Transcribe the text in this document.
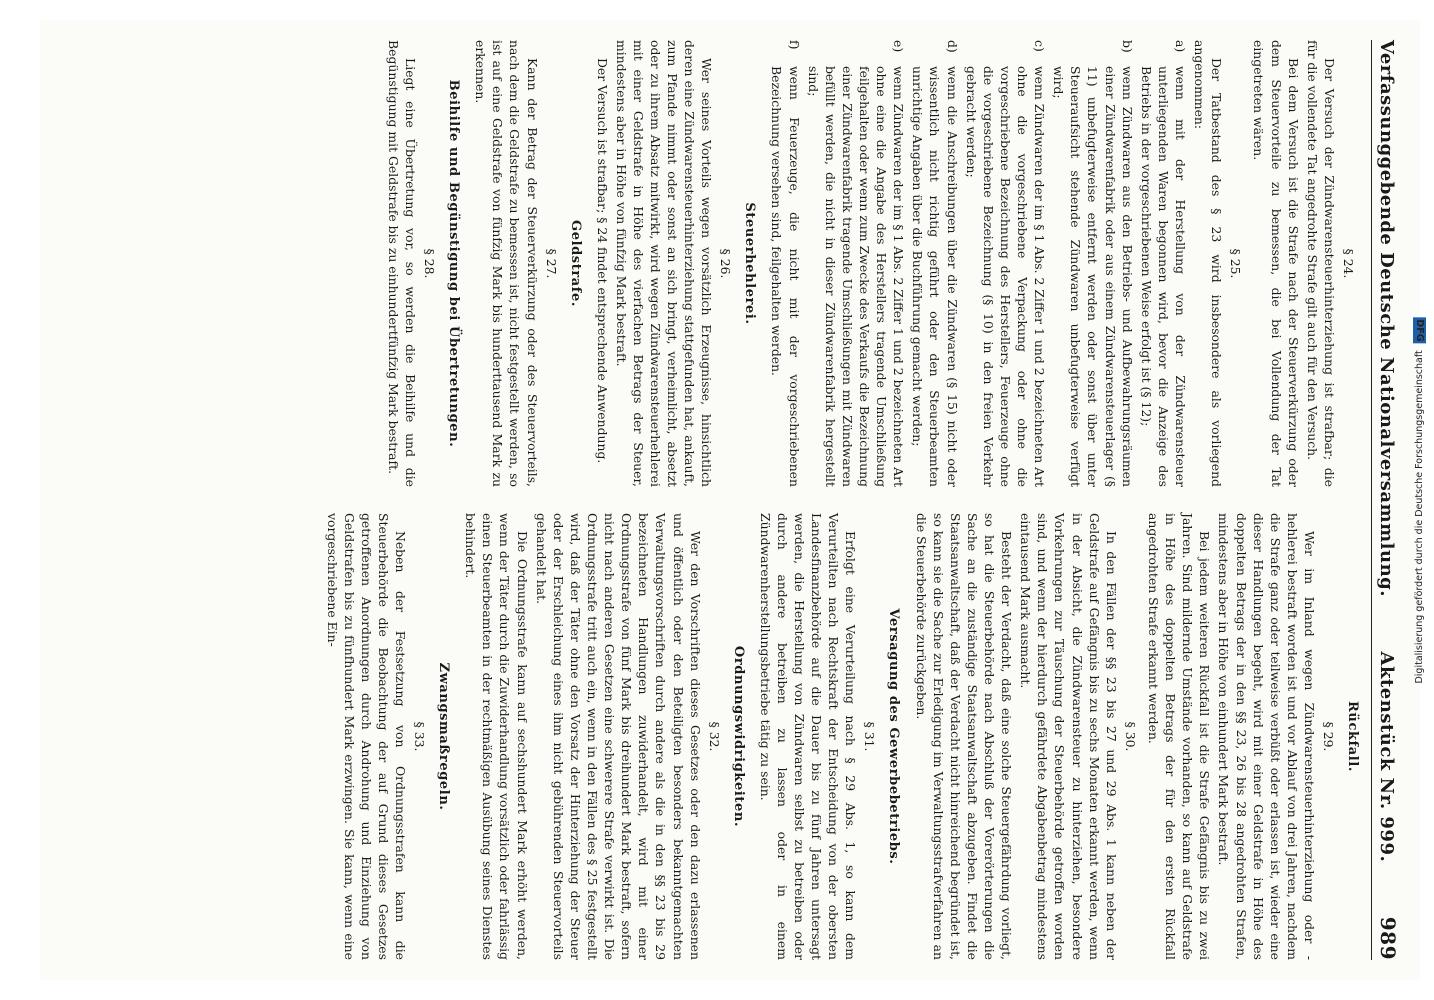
Verfassunggebende Deutsche Nationalversammlung.
Aktenstück Nr. 999.
989
§ 24.

Der Versuch der Zündwarensteuerhinterziehung ist strafbar; die für die vollendete Tat angedrohte Strafe gilt auch für den Versuch.

Bei dem Versuch ist die Strafe nach der Steuerverkürzung oder dem Steuervorteile zu bemessen, die bei Vollendung der Tat eingetreten wären.

§ 25.

Der Tatbestand des § 23 wird insbesondere als vorliegend angenommen:

a)
wenn mit der Herstellung von der Zündwarensteuer unterliegenden Waren begonnen wird, bevor die Anzeige des Betriebs in der vorgeschriebenen Weise erfolgt ist (§ 12);
b)
wenn Zündwaren aus den Betriebs- und Aufbewahrungsräumen einer Zündwarenfabrik oder aus einem Zündwarensteuerlager (§ 11) unbefugterweise entfernt werden oder sonst über unter Steueraufsicht stehende Zündwaren unbefugterweise verfügt wird;
c)
wenn Zündwaren der im § 1 Abs. 2 Ziffer 1 und 2 bezeichneten Art ohne die vorgeschriebene Verpackung oder ohne die vorgeschriebene Bezeichnung des Herstellers, Feuerzeuge ohne die vorgeschriebene Bezeichnung (§ 10) in den freien Verkehr gebracht werden;
d)
wenn die Anschreibungen über die Zündwaren (§ 15) nicht oder wissentlich nicht richtig geführt oder den Steuerbeamten unrichtige Angaben über die Buchführung gemacht werden;
e)
wenn Zündwaren der im § 1 Abs. 2 Ziffer 1 und 2 bezeichneten Art ohne eine die Angabe des Herstellers tragende Umschließung feilgehalten oder wenn zum Zwecke des Verkaufs die Bezeichnung einer Zündwarenfabrik tragende Umschließungen mit Zündwaren befüllt werden, die nicht in dieser Zündwarenfabrik hergestellt sind;
f)
wenn Feuerzeuge, die nicht mit der vorgeschriebenen Bezeichnung versehen sind, feilgehalten werden.
Steuerhehlerei.
§ 26.

Wer seines Vorteils wegen vorsätzlich Erzeugnisse, hinsichtlich deren eine Zündwarensteuerhinterziehung stattgefunden hat, ankauft, zum Pfande nimmt oder sonst an sich bringt, verheimlicht, absetzt oder zu ihrem Absatz mitwirkt, wird wegen Zündwarensteuerhehlerei mit einer Geldstrafe in Höhe des vierfachen Betrags der Steuer, mindestens aber in Höhe von fünfzig Mark bestraft.

Der Versuch ist strafbar; § 24 findet entsprechende Anwendung.

Geldstrafe.
§ 27.

Kann der Betrag der Steuerverkürzung oder des Steuervorteils, nach dem die Geldstrafe zu bemessen ist, nicht festgestellt werden, so ist auf eine Geldstrafe von fünfzig Mark bis hunderttausend Mark zu erkennen.

Beihilfe und Begünstigung bei Übertretungen.
§ 28.

Liegt eine Übertretung vor, so werden die Beihilfe und die Begünstigung mit Geldstrafe bis zu einhundertfünfzig Mark bestraft.

Rückfall.
§ 29.

Wer im Inland wegen Zündwarensteuerhinterziehung oder -hehlerei bestraft worden ist und vor Ablauf von drei Jahren, nachdem die Strafe ganz oder teilweise verbüßt oder erlassen ist, wieder eine dieser Handlungen begeht, wird mit einer Geldstrafe in Höhe des doppelten Betrags der in den §§ 23, 26 bis 28 angedrohten Strafen, mindestens aber in Höhe von einhundert Mark bestraft.

Bei jedem weiteren Rückfall ist die Strafe Gefängnis bis zu zwei Jahren. Sind mildernde Umstände vorhanden, so kann auf Geldstrafe in Höhe des doppelten Betrags der für den ersten Rückfall angedrohten Strafe erkannt werden.

§ 30.

In den Fällen der §§ 23 bis 27 und 29 Abs. 1 kann neben der Geldstrafe auf Gefängnis bis zu sechs Monaten erkannt werden, wenn in der Absicht, die Zündwarensteuer zu hinterziehen, besondere Vorkehrungen zur Täuschung der Steuerbehörde getroffen worden sind, und wenn der hierdurch gefährdete Abgabenbetrag mindestens eintausend Mark ausmacht.

Besteht der Verdacht, daß eine solche Steuergefährdung vorliegt, so hat die Steuerbehörde nach Abschluß der Vorerörterungen die Sache an die zuständige Staatsanwaltschaft abzugeben. Findet die Staatsanwaltschaft, daß der Verdacht nicht hinreichend begründet ist, so kann sie die Sache zur Erledigung im Verwaltungsstrafverfahren an die Steuerbehörde zurückgeben.

Versagung des Gewerbebetriebs.
§ 31.

Erfolgt eine Verurteilung nach § 29 Abs. 1, so kann dem Verurteilten nach Rechtskraft der Entscheidung von der obersten Landesfinanzbehörde auf die Dauer bis zu fünf Jahren untersagt werden, die Herstellung von Zündwaren selbst zu betreiben oder durch andere betreiben zu lassen oder in einem Zündwarenherstellungsbetriebe tätig zu sein.

Ordnungswidrigkeiten.
§ 32.

Wer den Vorschriften dieses Gesetzes oder den dazu erlassenen und öffentlich oder den Beteiligten besonders bekanntgemachten Verwaltungsvorschriften durch andere als die in den §§ 23 bis 29 bezeichneten Handlungen zuwiderhandelt, wird mit einer Ordnungsstrafe von fünf Mark bis dreihundert Mark bestraft, sofern nicht nach anderen Gesetzen eine schwerere Strafe verwirkt ist. Die Ordnungsstrafe tritt auch ein, wenn in den Fällen des § 25 festgestellt wird, daß der Täter ohne den Vorsatz der Hinterziehung der Steuer oder der Erschleichung eines ihm nicht gebührenden Steuervorteils gehandelt hat.

Die Ordnungsstrafe kann auf sechshundert Mark erhöht werden, wenn der Täter durch die Zuwiderhandlung vorsätzlich oder fahrlässig einen Steuerbeamten in der rechtmäßigen Ausübung seines Dienstes behindert.

Zwangsmaßregeln.
§ 33.

Neben der Festsetzung von Ordnungsstrafen kann die Steuerbehörde die Beobachtung der auf Grund dieses Gesetzes getroffenen Anordnungen durch Androhung und Einziehung von Geldstrafen bis zu fünfhundert Mark erzwingen. Sie kann, wenn eine vorgeschriebene Ein-	Digitalisierung gefördert durch die Deutsche Forschungsgemeinschaft DFG
